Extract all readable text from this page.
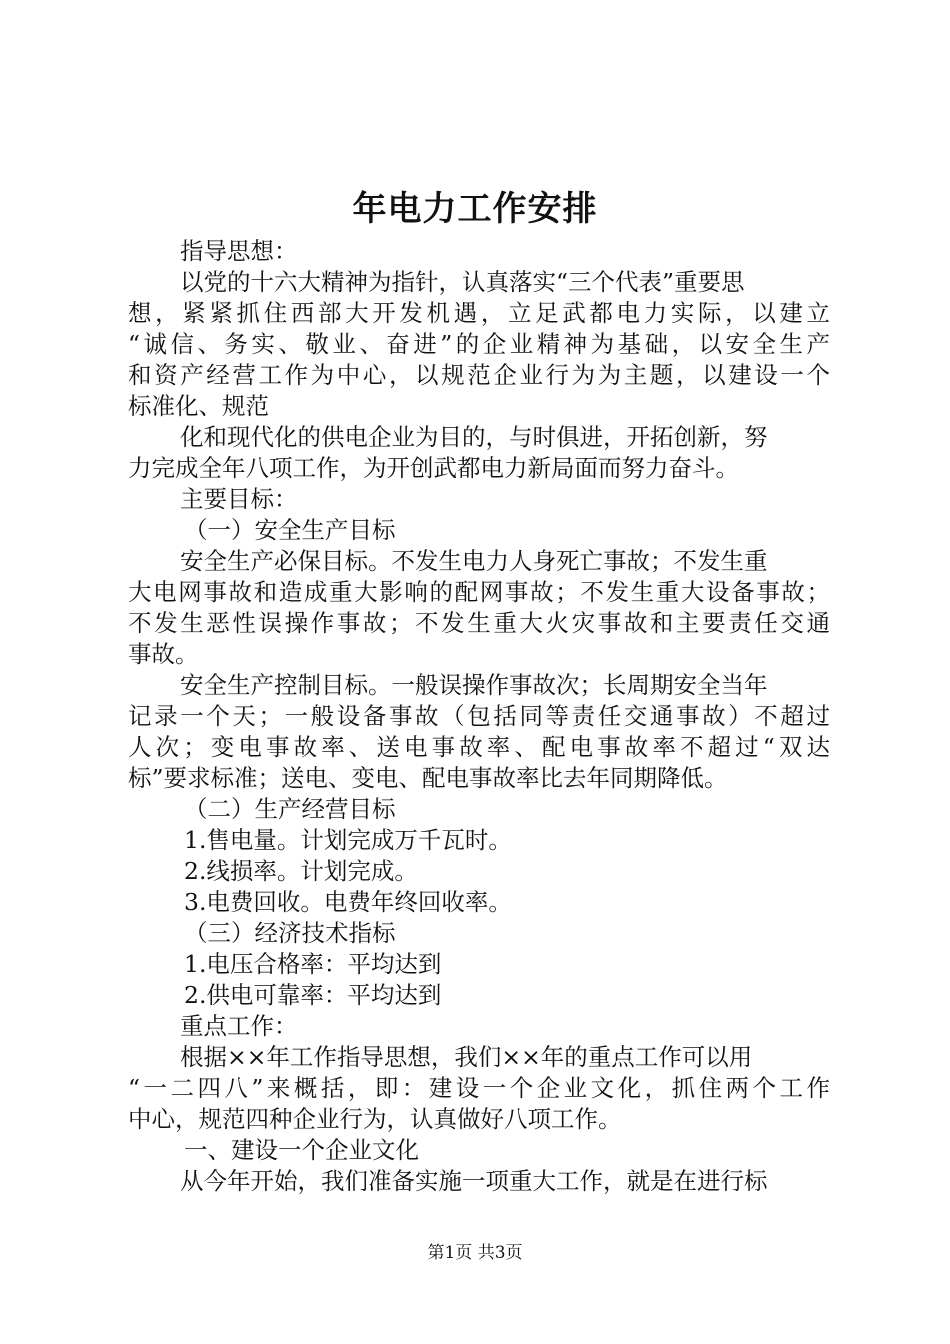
年电力工作安排
指导思想：
以党的十六大精神为指针，认真落实“三个代表”重要思
想，紧紧抓住西部大开发机遇，立足武都电力实际，以建立
“诚信、务实、敬业、奋进”的企业精神为基础，以安全生产
和资产经营工作为中心，以规范企业行为为主题，以建设一个
标准化、规范
化和现代化的供电企业为目的，与时俱进，开拓创新，努
力完成全年八项工作，为开创武都电力新局面而努力奋斗。
主要目标：
（一）安全生产目标
安全生产必保目标。不发生电力人身死亡事故；不发生重
大电网事故和造成重大影响的配网事故；不发生重大设备事故；
不发生恶性误操作事故；不发生重大火灾事故和主要责任交通
事故。
安全生产控制目标。一般误操作事故次；长周期安全当年
记录一个天；一般设备事故（包括同等责任交通事故）不超过
人次；变电事故率、送电事故率、配电事故率不超过“双达
标”要求标准；送电、变电、配电事故率比去年同期降低。
（二）生产经营目标
1.售电量。计划完成万千瓦时。
2.线损率。计划完成。
3.电费回收。电费年终回收率。
（三）经济技术指标
1.电压合格率：平均达到
2.供电可靠率：平均达到
重点工作：
根据××年工作指导思想，我们××年的重点工作可以用
“一二四八”来概括，即：建设一个企业文化，抓住两个工作
中心，规范四种企业行为，认真做好八项工作。
一、建设一个企业文化
从今年开始，我们准备实施一项重大工作，就是在进行标
第1页 共3页
